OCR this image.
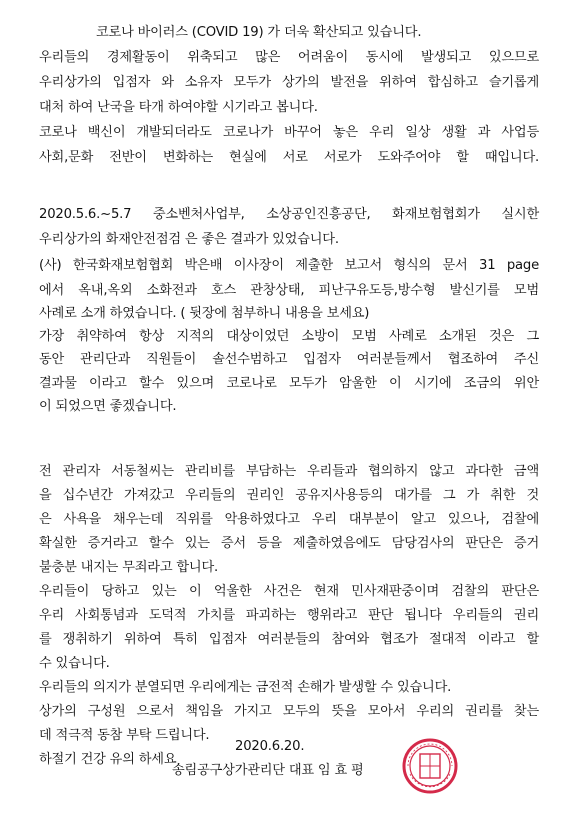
코로나 바이러스 (COVID 19) 가 더욱 확산되고 있습니다.
우리들의 경제활동이 위축되고 많은 어려움이 동시에 발생되고 있으므로
우리상가의 입점자 와 소유자 모두가 상가의 발전을 위하여 합심하고 슬기롭게
대처 하여 난국을 타개 하여야할 시기라고 봅니다.
코로나 백신이 개발되더라도 코로나가 바꾸어 놓은 우리 일상 생활 과 사업등
사회,문화 전반이 변화하는 현실에 서로 서로가 도와주어야 할 때입니다.
2020.5.6.~5.7 중소벤처사업부, 소상공인진흥공단, 화재보험협회가 실시한
우리상가의 화재안전점검 은 좋은 결과가 있었습니다.
(사) 한국화재보험협회 박은배 이사장이 제출한 보고서 형식의 문서 31 page
에서 옥내,옥외 소화전과 호스 관창상태, 피난구유도등,방수형 발신기를 모범
사례로 소개 하였습니다. ( 뒷장에 첨부하니 내용을 보세요)
가장 취약하여 항상 지적의 대상이었던 소방이 모범 사례로 소개된 것은 그
동안 관리단과 직원들이 솔선수범하고 입점자 여러분들께서 협조하여 주신
결과물 이라고 할수 있으며 코로나로 모두가 암울한 이 시기에 조금의 위안
이 되었으면 좋겠습니다.
전 관리자 서동철씨는 관리비를 부담하는 우리들과 협의하지 않고 과다한 금액
을 십수년간 가져갔고 우리들의 권리인 공유지사용등의 대가를 그 가 취한 것
은 사욕을 채우는데 직위를 악용하였다고 우리 대부분이 알고 있으나, 검찰에
확실한 증거라고 할수 있는 증서 등을 제출하였음에도 담당검사의 판단은 증거
불충분 내지는 무죄라고 합니다.
우리들이 당하고 있는 이 억울한 사건은 현재 민사재판중이며 검찰의 판단은
우리 사회통념과 도덕적 가치를 파괴하는 행위라고 판단 됩니다 우리들의 권리
를 쟁취하기 위하여 특히 입점자 여러분들의 참여와 협조가 절대적 이라고 할
수 있습니다.
우리들의 의지가 분열되면 우리에게는 금전적 손해가 발생할 수 있습니다.
상가의 구성원 으로서 책임을 가지고 모두의 뜻을 모아서 우리의 권리를 찾는
데 적극적 동참 부탁 드립니다.
하절기 건강 유의 하세요
2020.6.20.
송림공구상가관리단 대표 임 효 평
